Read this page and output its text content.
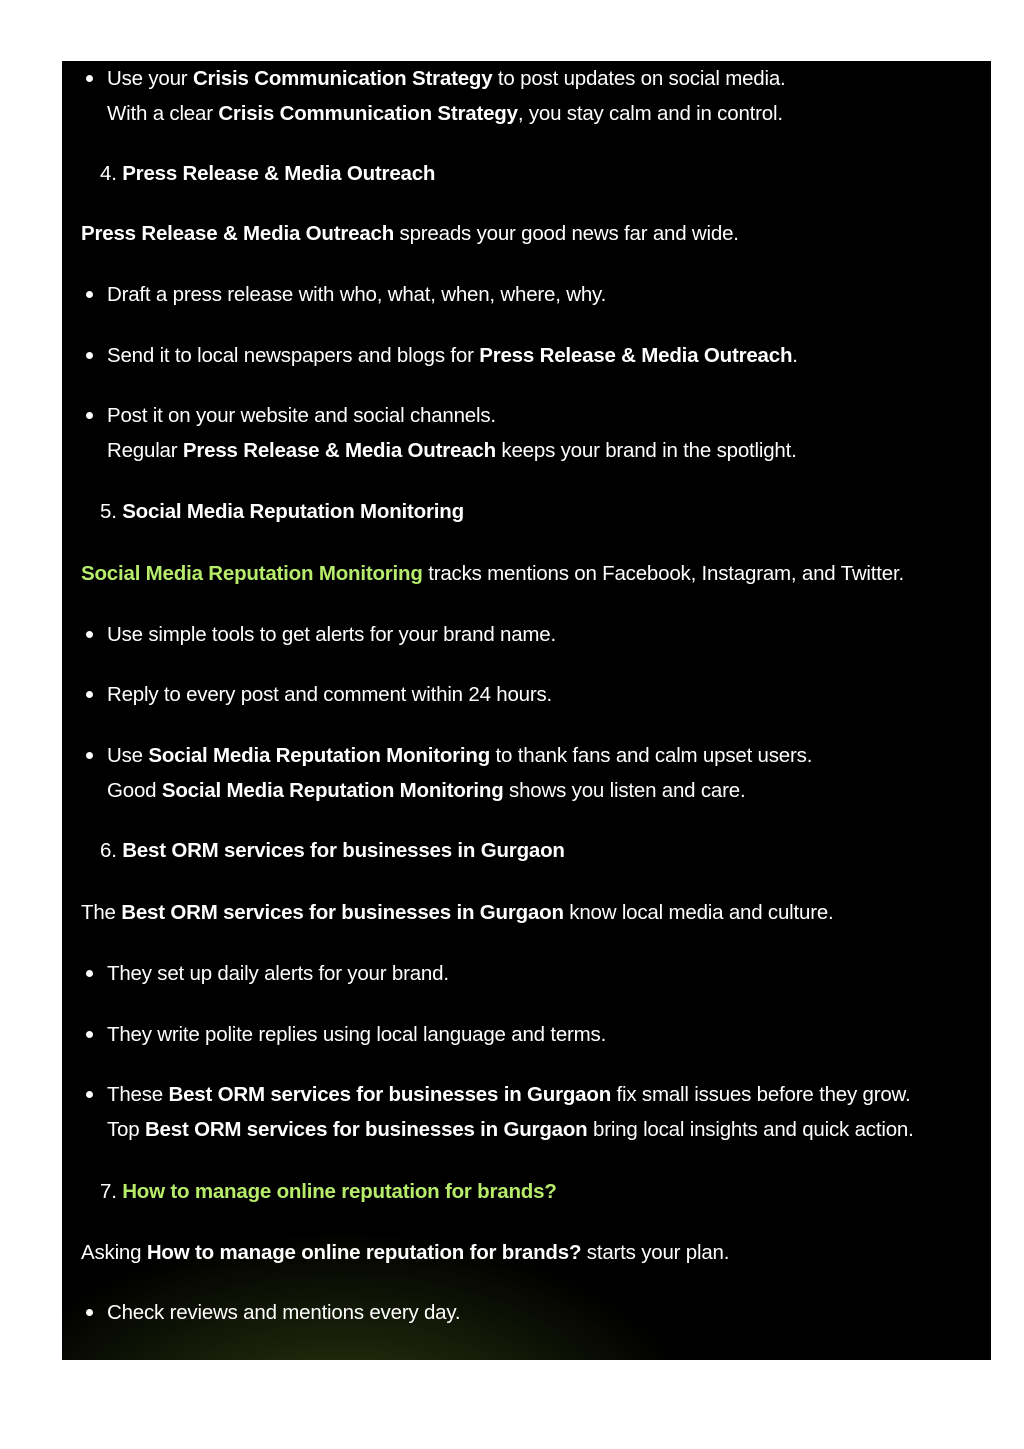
Use your Crisis Communication Strategy to post updates on social media.
With a clear Crisis Communication Strategy, you stay calm and in control.
4. Press Release & Media Outreach
Press Release & Media Outreach spreads your good news far and wide.
Draft a press release with who, what, when, where, why.
Send it to local newspapers and blogs for Press Release & Media Outreach.
Post it on your website and social channels.
Regular Press Release & Media Outreach keeps your brand in the spotlight.
5. Social Media Reputation Monitoring
Social Media Reputation Monitoring tracks mentions on Facebook, Instagram, and Twitter.
Use simple tools to get alerts for your brand name.
Reply to every post and comment within 24 hours.
Use Social Media Reputation Monitoring to thank fans and calm upset users.
Good Social Media Reputation Monitoring shows you listen and care.
6. Best ORM services for businesses in Gurgaon
The Best ORM services for businesses in Gurgaon know local media and culture.
They set up daily alerts for your brand.
They write polite replies using local language and terms.
These Best ORM services for businesses in Gurgaon fix small issues before they grow.
Top Best ORM services for businesses in Gurgaon bring local insights and quick action.
7. How to manage online reputation for brands?
Asking How to manage online reputation for brands? starts your plan.
Check reviews and mentions every day.
